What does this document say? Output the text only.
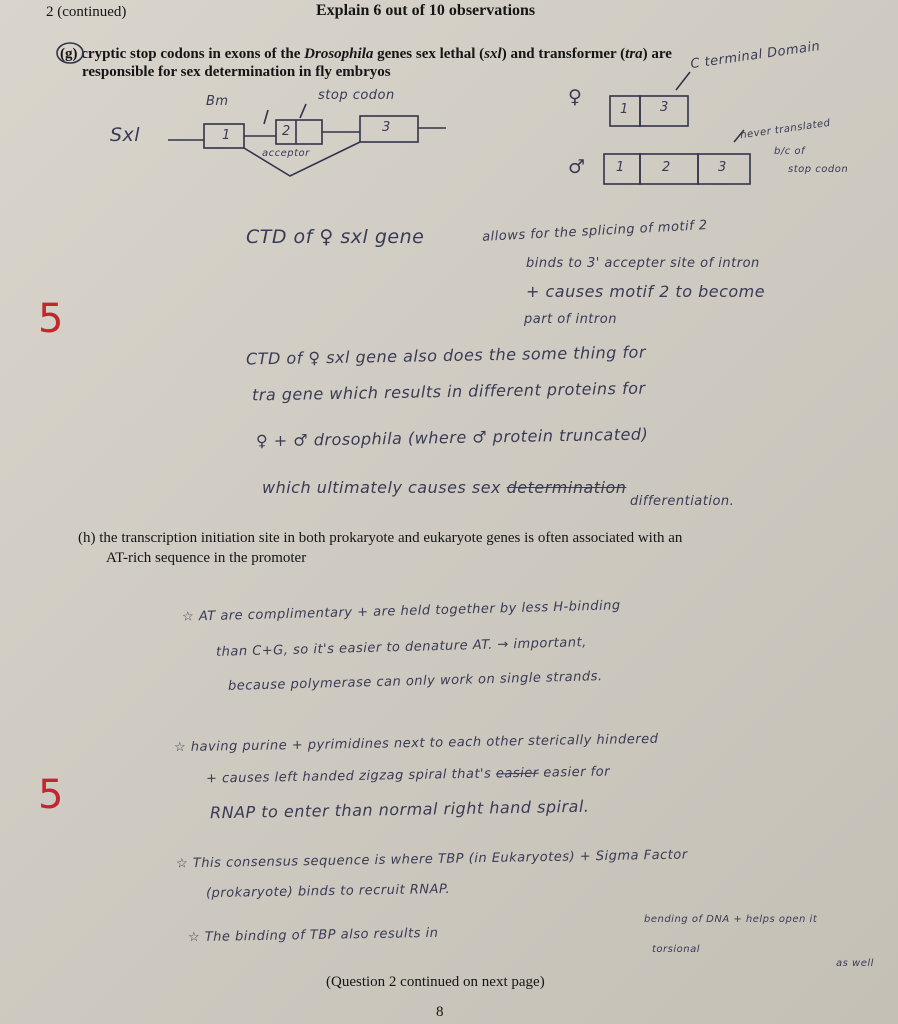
2 (continued)	Explain 6 out of 10 observations
(g) cryptic stop codons in exons of the Drosophila genes sex lethal (sxl) and transformer (tra) are
responsible for sex determination in fly embryos
Sxl	1	2	3
Bm	stop codon
acceptor
♀
♂
1 3
1	2	3
C terminal Domain
never translated
b/c of
stop codon
CTD of ♀ sxl gene	allows for the splicing of motif 2
binds to 3' accepter site of intron
+ causes motif 2 to become
part of intron
5
CTD of ♀ sxl gene also does the some thing for
tra gene which results in different proteins for
♀ + ♂ drosophila (where ♂ protein truncated)
which ultimately causes sex determination
differentiation.
(h) the transcription initiation site in both prokaryote and eukaryote genes is often associated with an
AT-rich sequence in the promoter
☆ AT are complimentary + are held together by less H-binding
than C+G, so it's easier to denature AT. → important,
because polymerase can only work on single strands.
☆ having purine + pyrimidines next to each other sterically hindered
+ causes left handed zigzag spiral that's easier easier for
RNAP to enter than normal right hand spiral.
5
☆ This consensus sequence is where TBP (in Eukaryotes) + Sigma Factor
(prokaryote) binds to recruit RNAP.
☆ The binding of TBP also results in
bending of DNA + helps open it
torsional
as well
(Question 2 continued on next page)
8
